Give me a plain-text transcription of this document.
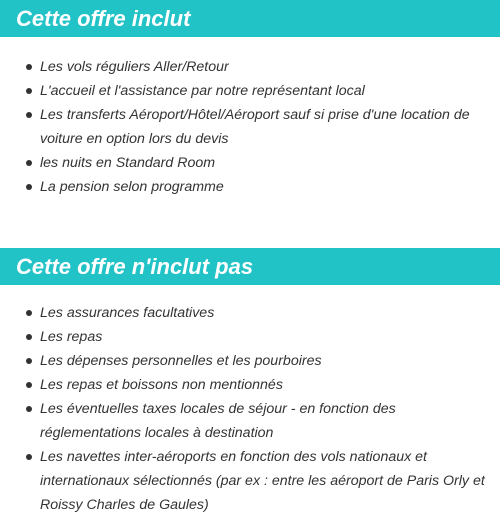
Cette offre inclut
Les vols réguliers Aller/Retour
L'accueil et l'assistance par notre représentant local
Les transferts Aéroport/Hôtel/Aéroport sauf si prise d'une location de voiture en option lors du devis
les nuits en Standard Room
La pension selon programme
Cette offre n'inclut pas
Les assurances facultatives
Les repas
Les dépenses personnelles et les pourboires
Les repas et boissons non mentionnés
Les éventuelles taxes locales de séjour - en fonction des réglementations locales à destination
Les navettes inter-aéroports en fonction des vols nationaux et internationaux sélectionnés (par ex : entre les aéroport de Paris Orly et Roissy Charles de Gaules)
